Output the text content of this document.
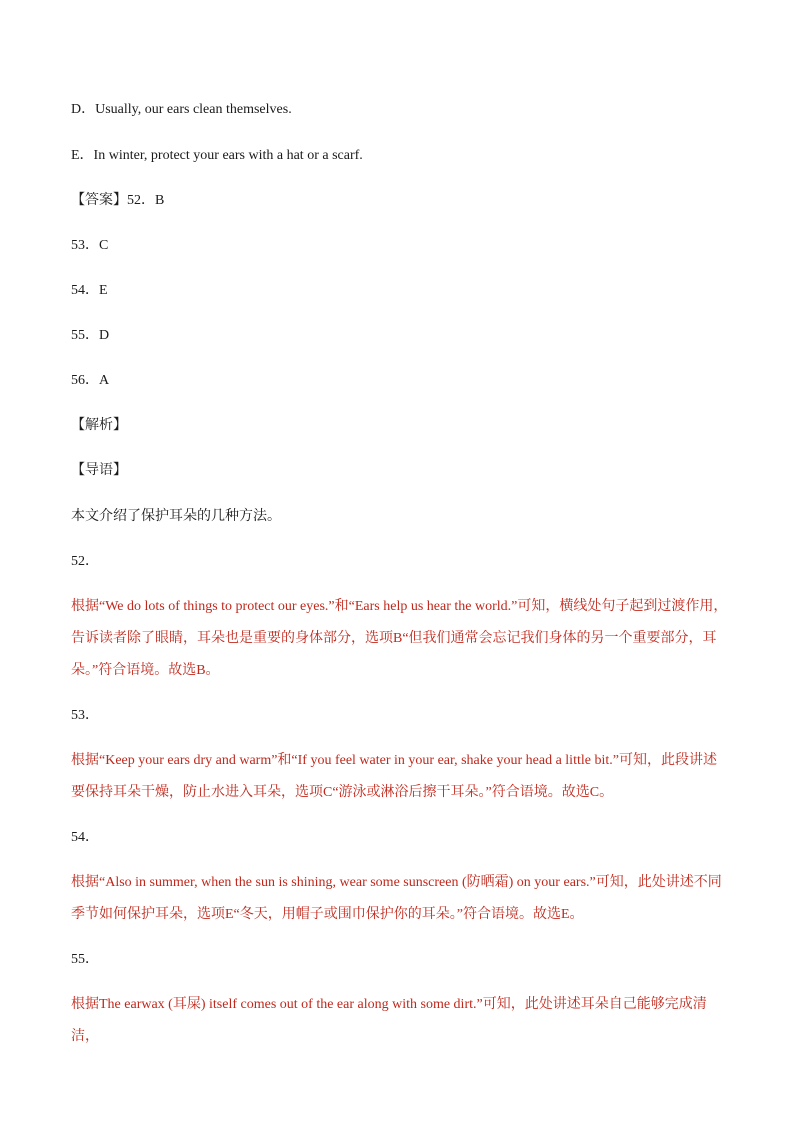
D．Usually, our ears clean themselves.
E．In winter, protect your ears with a hat or a scarf.
【答案】52．B
53．C
54．E
55．D
56．A
【解析】
【导语】
本文介绍了保护耳朵的几种方法。
52．
根据“We do lots of things to protect our eyes.”和“Ears help us hear the world.”可知，横线处句子起到过渡作用，
告诉读者除了眼睛，耳朵也是重要的身体部分，选项B“但我们通常会忘记我们身体的另一个重要部分，耳
朵。”符合语境。故选B。
53．
根据“Keep your ears dry and warm”和“If you feel water in your ear, shake your head a little bit.”可知，此段讲述
要保持耳朵干燥，防止水进入耳朵，选项C“游泳或淋浴后擦干耳朵。”符合语境。故选C。
54．
根据“Also in summer, when the sun is shining, wear some sunscreen (防晒霜) on your ears.”可知，此处讲述不同
季节如何保护耳朵，选项E“冬天，用帽子或围巾保护你的耳朵。”符合语境。故选E。
55．
根据The earwax (耳屎) itself comes out of the ear along with some dirt.”可知，此处讲述耳朵自己能够完成清洁，
